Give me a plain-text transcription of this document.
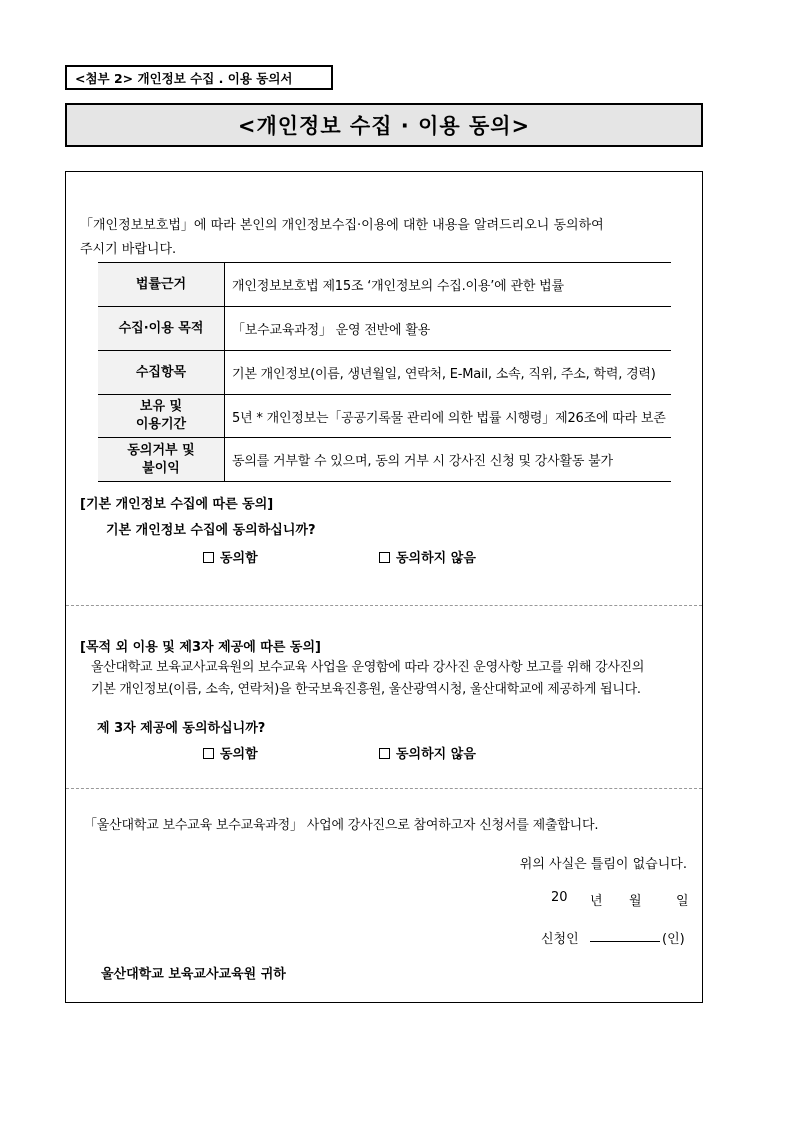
<첨부 2> 개인정보 수집 . 이용 동의서
<개인정보 수집 · 이용 동의>
「개인정보보호법」에 따라 본인의 개인정보수집·이용에 대한 내용을 알려드리오니 동의하여
주시기 바랍니다.
법률근거	개인정보보호법 제15조 ‘개인정보의 수집.이용’에 관한 법률
수집·이용 목적	「보수교육과정」 운영 전반에 활용
수집항목	기본 개인정보(이름, 생년월일, 연락처, E-Mail, 소속, 직위, 주소, 학력, 경력)
보유 및
이용기간	5년 * 개인정보는「공공기록물 관리에 의한 법률 시행령」제26조에 따라 보존
동의거부 및
불이익	동의를 거부할 수 있으며, 동의 거부 시 강사진 신청 및 강사활동 불가
[기본 개인정보 수집에 따른 동의]
기본 개인정보 수집에 동의하십니까?
동의함	동의하지 않음
[목적 외 이용 및 제3자 제공에 따른 동의]
울산대학교 보육교사교육원의 보수교육 사업을 운영함에 따라 강사진 운영사항 보고를 위해 강사진의
기본 개인정보(이름, 소속, 연락처)을 한국보육진흥원, 울산광역시청, 울산대학교에 제공하게 됩니다.
제 3자 제공에 동의하십니까?
동의함	동의하지 않음
「울산대학교 보수교육 보수교육과정」 사업에 강사진으로 참여하고자 신청서를 제출합니다.
위의 사실은 틀림이 없습니다.
20 년 월	일
신청인	(인)
울산대학교 보육교사교육원 귀하
